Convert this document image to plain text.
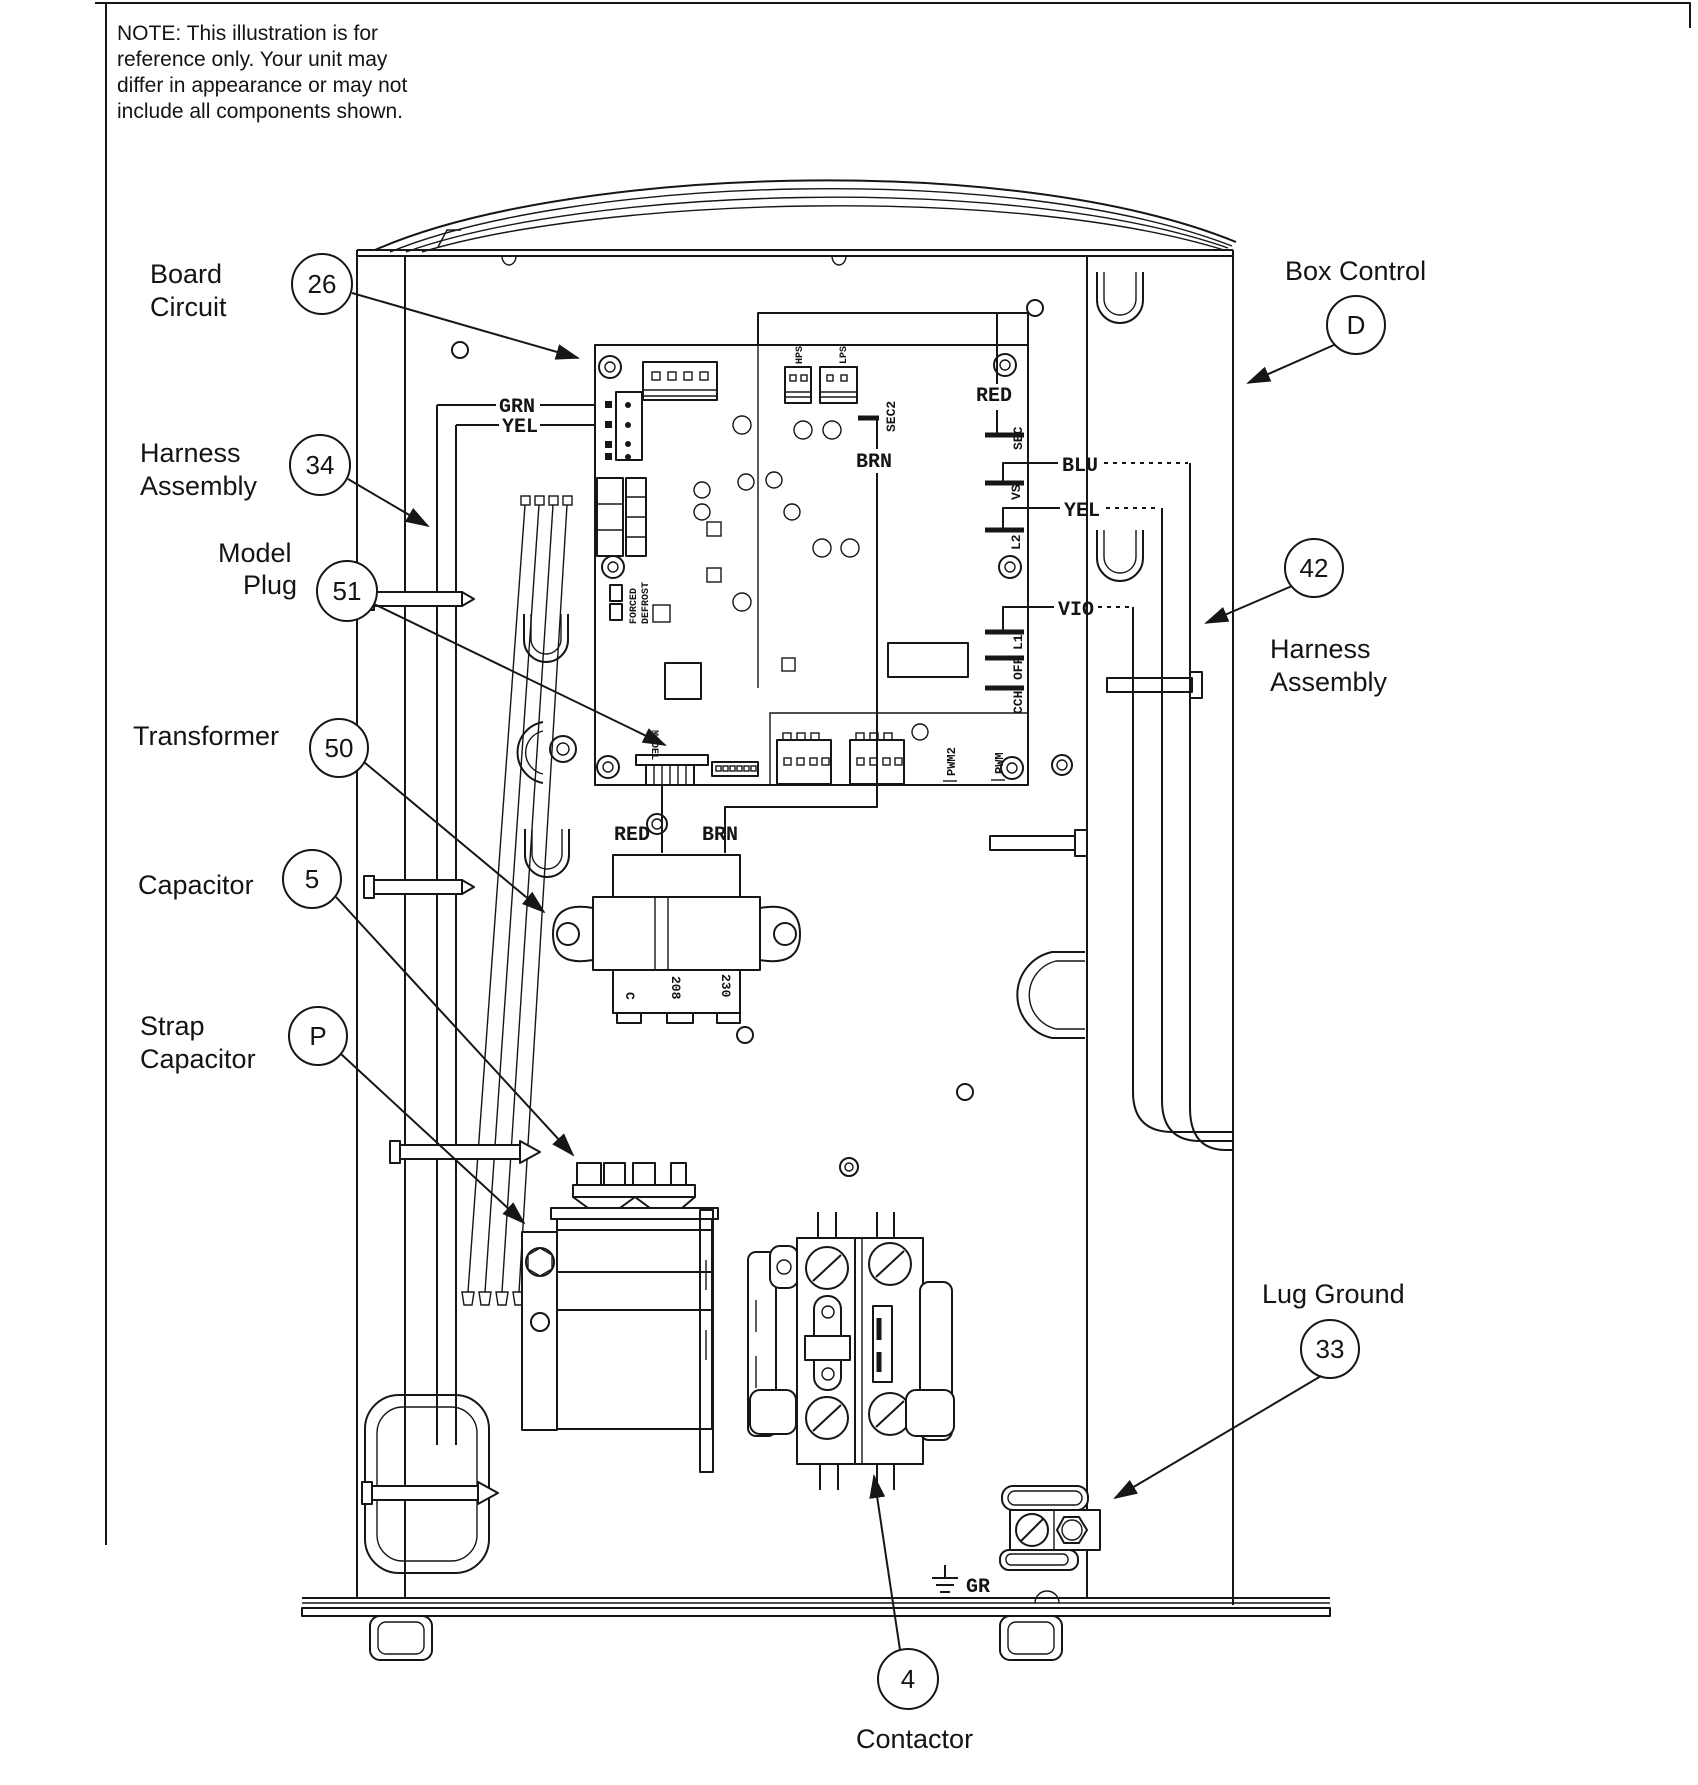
NOTE: This illustration is for
reference only. Your unit may
differ in appearance or may not
include all components shown.
GRN
YEL
HPS	LPS
FORCED DEFROST
MODEL
PWM2	PWM
SEC
SEC2
VS
L2
L1
OFF
CCH
RED
BRN
RED	BRN
BLU
YEL
VIO
C 208	230
GR
Board
Circuit
26
Harness
Assembly
34
Model
Plug 51
Transformer 50
Capacitor 5
Strap
Capacitor
P
Box Control
D
42
Harness
Assembly
Lug Ground
33
4
Contactor
